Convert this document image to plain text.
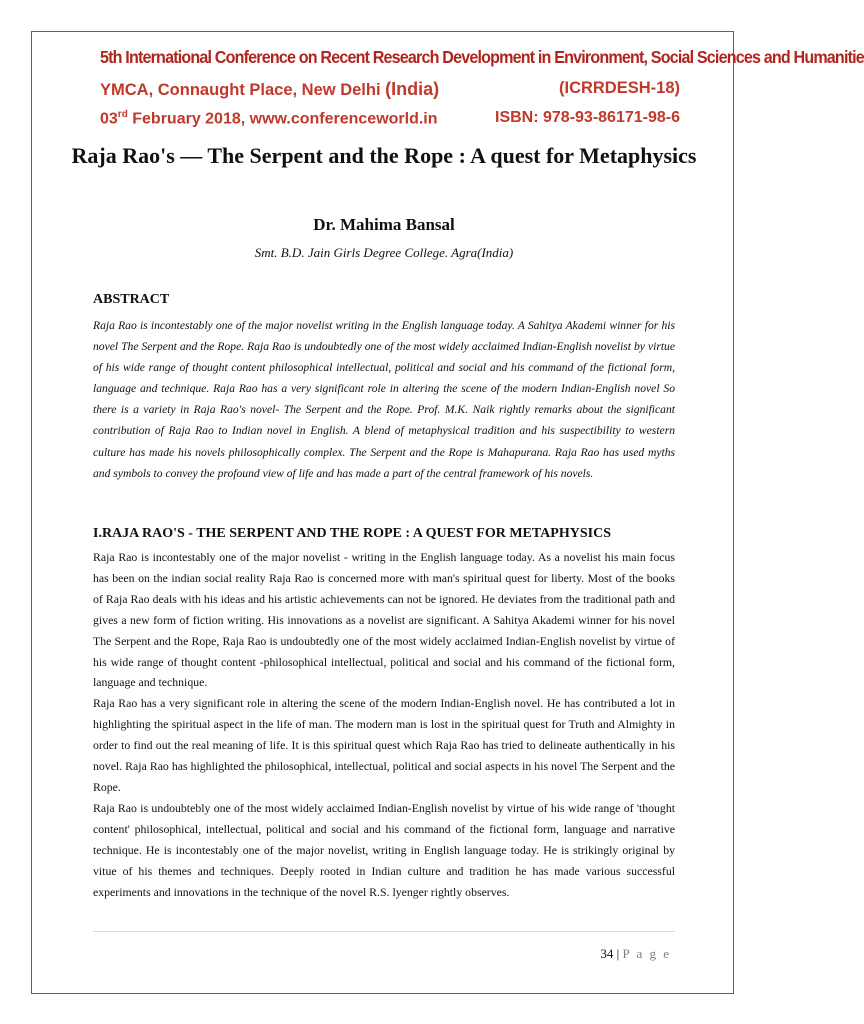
5th International Conference on Recent Research Development in Environment, Social Sciences and Humanitie
YMCA, Connaught Place, New Delhi (India)	(ICRRDESH-18)
03rd February 2018, www.conferenceworld.in	ISBN: 978-93-86171-98-6
Raja Rao's — The Serpent and the Rope : A quest for Metaphysics
Dr. Mahima Bansal
Smt. B.D. Jain Girls Degree College. Agra(India)
ABSTRACT
Raja Rao is incontestably one of the major novelist writing in the English language today. A Sahitya Akademi winner for his novel The Serpent and the Rope. Raja Rao is undoubtedly one of the most widely acclaimed Indian-English novelist by virtue of his wide range of thought content philosophical intellectual, political and social and his command of the fictional form, language and technique. Raja Rao has a very significant role in altering the scene of the modern Indian-English novel So there is a variety in Raja Rao's novel- The Serpent and the Rope. Prof. M.K. Naik rightly remarks about the significant contribution of Raja Rao to Indian novel in English. A blend of metaphysical tradition and his suspectibility to western culture has made his novels philosophically complex. The Serpent and the Rope is Mahapurana. Raja Rao has used myths and symbols to convey the profound view of life and has made a part of the central framework of his novels.
I.RAJA RAO'S - THE SERPENT AND THE ROPE : A QUEST FOR METAPHYSICS

Raja Rao is incontestably one of the major novelist - writing in the English language today. As a novelist his main focus has been on the indian social reality Raja Rao is concerned more with man's spiritual quest for liberty. Most of the books of Raja Rao deals with his ideas and his artistic achievements can not be ignored. He deviates from the traditional path and gives a new form of fiction writing. His innovations as a novelist are significant. A Sahitya Akademi winner for his novel The Serpent and the Rope, Raja Rao is undoubtedly one of the most widely acclaimed Indian-English novelist by virtue of his wide range of thought content -philosophical intellectual, political and social and his command of the fictional form, language and technique.

Raja Rao has a very significant role in altering the scene of the modern Indian-English novel. He has contributed a lot in highlighting the spiritual aspect in the life of man. The modern man is lost in the spiritual quest for Truth and Almighty in order to find out the real meaning of life. It is this spiritual quest which Raja Rao has tried to delineate authentically in his novel. Raja Rao has highlighted the philosophical, intellectual, political and social aspects in his novel The Serpent and the Rope.

Raja Rao is undoubtebly one of the most widely acclaimed Indian-English novelist by virtue of his wide range of 'thought content' philosophical, intellectual, political and social and his command of the fictional form, language and narrative technique. He is incontestably one of the major novelist, writing in English language today. He is strikingly original by vitue of his themes and techniques. Deeply rooted in Indian culture and tradition he has made various successful experiments and innovations in the technique of the novel R.S. lyenger rightly observes.

34 | P a g e
